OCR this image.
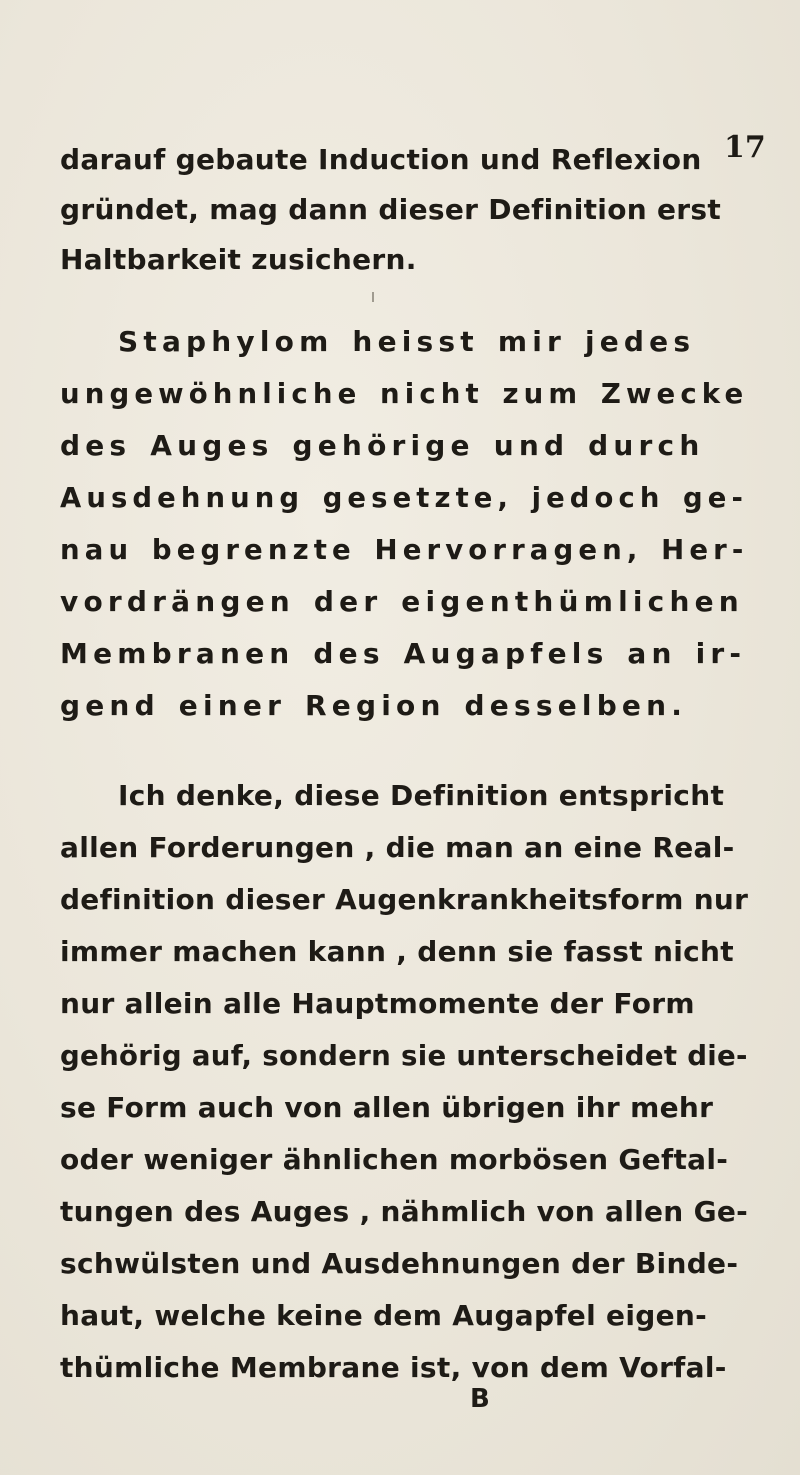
17
darauf gebaute Induction und Reflexion
gründet, mag dann dieser Definition erst
Haltbarkeit zusichern.
Staphylom heisst mir jedes
ungewöhnliche nicht zum Zwecke
des Auges gehörige und durch
Ausdehnung gesetzte, jedoch ge-
nau begrenzte Hervorragen, Her-
vordrängen der eigenthümlichen
Membranen des Augapfels an ir-
gend einer Region desselben.
Ich denke, diese Definition entspricht
allen Forderungen , die man an eine Real-
definition dieser Augenkrankheitsform nur
immer machen kann , denn sie fasst nicht
nur allein alle Hauptmomente der Form
gehörig auf, sondern sie unterscheidet die-
se Form auch von allen übrigen ihr mehr
oder weniger ähnlichen morbösen Geftal-
tungen des Auges , nähmlich von allen Ge-
schwülsten und Ausdehnungen der Binde-
haut, welche keine dem Augapfel eigen-
thümliche Membrane ist, von dem Vorfal-
B
